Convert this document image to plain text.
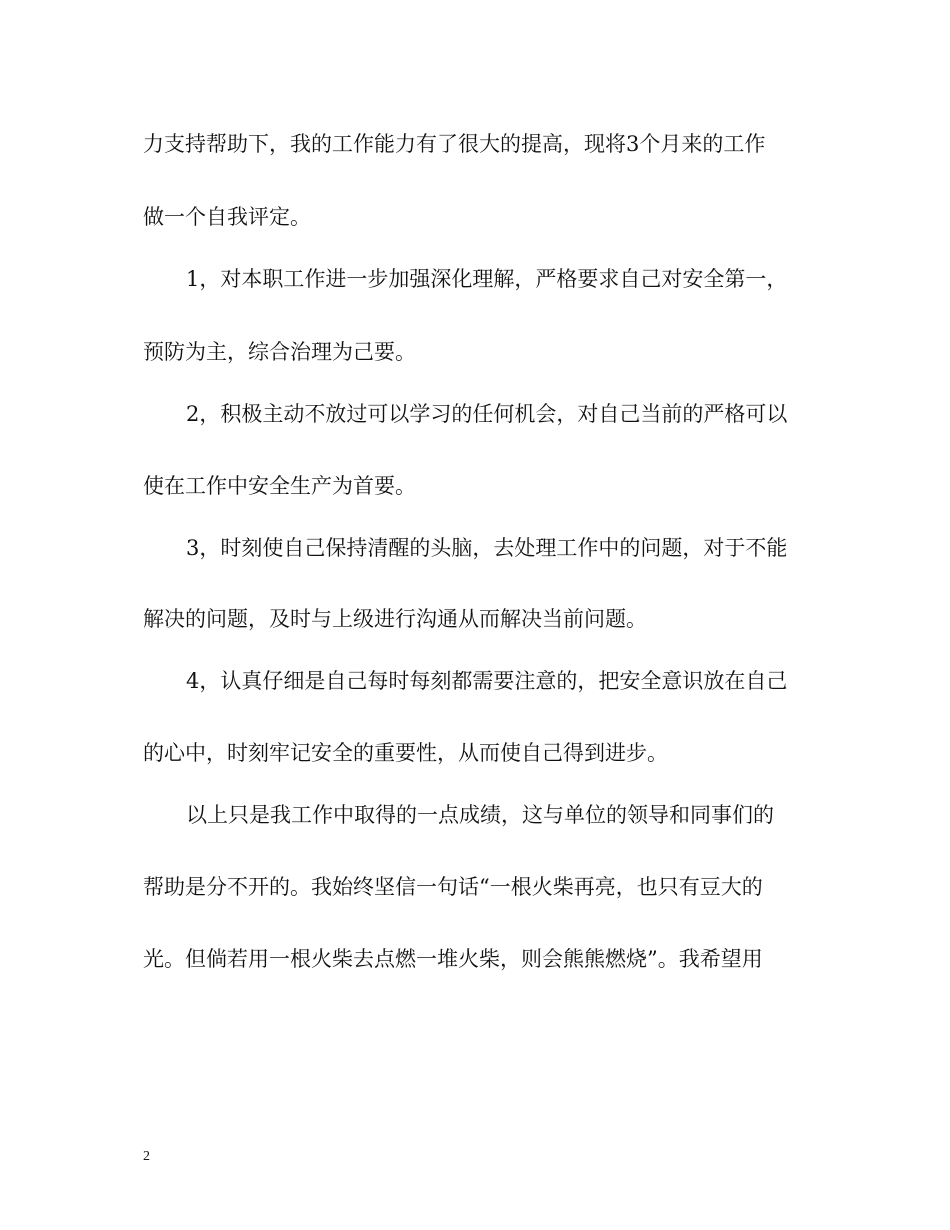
力支持帮助下，我的工作能力有了很大的提高，现将3个月来的工作

做一个自我评定。

1，对本职工作进一步加强深化理解，严格要求自己对安全第一，

预防为主，综合治理为己要。

2，积极主动不放过可以学习的任何机会，对自己当前的严格可以

使在工作中安全生产为首要。

3，时刻使自己保持清醒的头脑，去处理工作中的问题，对于不能

解决的问题，及时与上级进行沟通从而解决当前问题。

4，认真仔细是自己每时每刻都需要注意的，把安全意识放在自己

的心中，时刻牢记安全的重要性，从而使自己得到进步。

以上只是我工作中取得的一点成绩，这与单位的领导和同事们的

帮助是分不开的。我始终坚信一句话“一根火柴再亮，也只有豆大的

光。但倘若用一根火柴去点燃一堆火柴，则会熊熊燃烧”。我希望用

2
